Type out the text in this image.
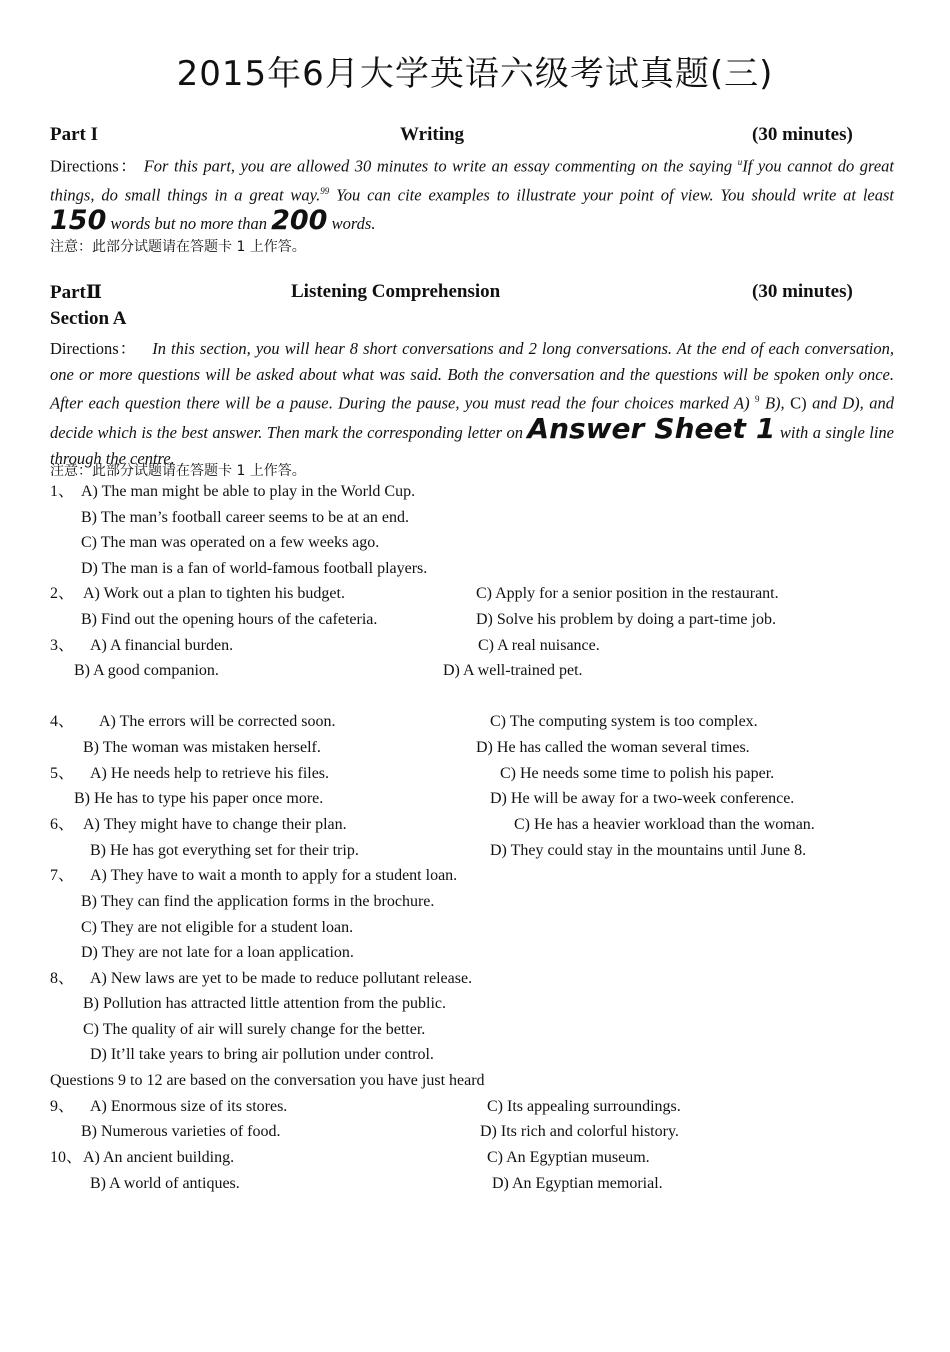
2015年6月大学英语六级考试真题(三)
Part I	Writing	(30 minutes)
Directions： For this part, you are allowed 30 minutes to write an essay commenting on the saying $^u$If you cannot do great things, do small things in a great way.$^{99}$ You can cite examples to illustrate your point of view. You should write at least 150 words but no more than 200 words.
注意：此部分试题请在答题卡 1 上作答。
PartⅡ	Listening Comprehension	(30 minutes)
Section A
Directions： In this section, you will hear 8 short conversations and 2 long conversations. At the end of each conversation, one or more questions will be asked about what was said. Both the conversation and the questions will be spoken only once. After each question there will be a pause. During the pause, you must read the four choices marked A) $^9$ B), C) and D), and decide which is the best answer. Then mark the corresponding letter on Answer Sheet 1 with a single line through the centre.
注意：此部分试题请在答题卡 1 上作答。
1、 A) The man might be able to play in the World Cup.
B) The man’s football career seems to be at an end.
C) The man was operated on a few weeks ago.
D) The man is a fan of world-famous football players.
2、 A) Work out a plan to tighten his budget.	C) Apply for a senior position in the restaurant.
B) Find out the opening hours of the cafeteria.	D) Solve his problem by doing a part-time job.
3、 A) A financial burden.	C) A real nuisance.
B) A good companion.	D) A well-trained pet.
4、 A) The errors will be corrected soon.	C) The computing system is too complex.
B) The woman was mistaken herself.	D) He has called the woman several times.
5、 A) He needs help to retrieve his files.	C) He needs some time to polish his paper.
B) He has to type his paper once more.	D) He will be away for a two-week conference.
6、 A) They might have to change their plan.	C) He has a heavier workload than the woman.
B) He has got everything set for their trip.	D) They could stay in the mountains until June 8.
7、 A) They have to wait a month to apply for a student loan.
B) They can find the application forms in the brochure.
C) They are not eligible for a student loan.
D) They are not late for a loan application.
8、 A) New laws are yet to be made to reduce pollutant release.
B) Pollution has attracted little attention from the public.
C) The quality of air will surely change for the better.
D) It’ll take years to bring air pollution under control.
Questions 9 to 12 are based on the conversation you have just heard
9、 A) Enormous size of its stores.	C) Its appealing surroundings.
B) Numerous varieties of food.	D) Its rich and colorful history.
10、 A) An ancient building.	C) An Egyptian museum.
B) A world of antiques.	D) An Egyptian memorial.
